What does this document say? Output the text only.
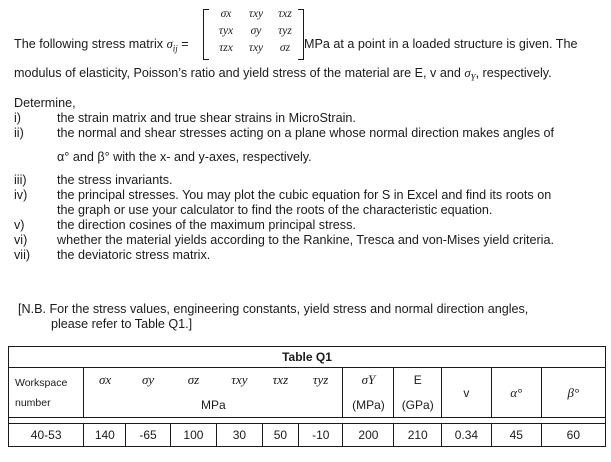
The following stress matrix $\sigma_{ij}$ =
σx	τxy	τxz
τyx	σy	τyz
τzx	τxy	σz	MPa at a point in a loaded structure is given. The
modulus of elasticity, Poisson’s ratio and yield stress of the material are E, v and $\sigma_Y$, respectively.
Determine,
i)	the strain matrix and true shear strains in MicroStrain.
ii)	the normal and shear stresses acting on a plane whose normal direction makes angles of
α° and β° with the x- and y-axes, respectively.
iii) the stress invariants.
iv) the principal stresses. You may plot the cubic equation for S in Excel and find its roots on
the graph or use your calculator to find the roots of the characteristic equation.
v)	the direction cosines of the maximum principal stress.
vi) whether the material yields according to the Rankine, Tresca and von-Mises yield criteria.
vii) the deviatoric stress matrix.
[N.B. For the stress values, engineering constants, yield stress and normal direction angles,
please refer to Table Q1.]
Table Q1											

Workspace
number	σx	σy	σz	τxy	τxz	τyz	σY	E	v	α°	β°
	MPa						(MPa)	(GPa)			

40-53	140	-65	100	30	50	-10	200	210	0.34	45	60
